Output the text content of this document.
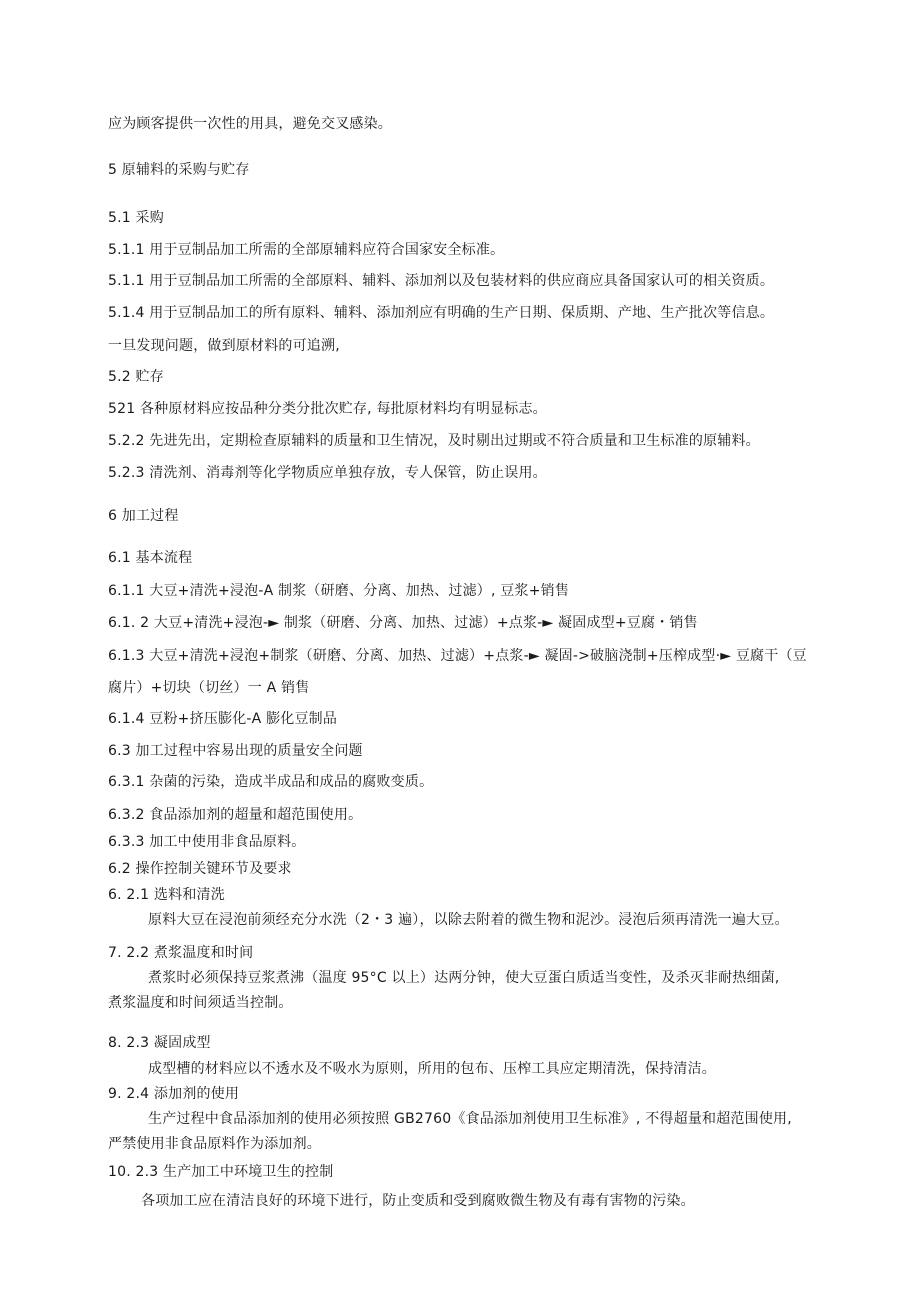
应为顾客提供一次性的用具，避免交叉感染。
5 原辅料的采购与贮存
5.1 采购
5.1.1 用于豆制品加工所需的全部原辅料应符合国家安全标准。
5.1.1 用于豆制品加工所需的全部原料、辅料、添加剂以及包装材料的供应商应具备国家认可的相关资质。
5.1.4 用于豆制品加工的所有原料、辅料、添加剂应有明确的生产日期、保质期、产地、生产批次等信息。
一旦发现问题，做到原材料的可追溯,
5.2 贮存
521 各种原材料应按品种分类分批次贮存, 每批原材料均有明显标志。
5.2.2 先进先出，定期检查原辅料的质量和卫生情况，及时剔出过期或不符合质量和卫生标准的原辅料。
5.2.3 清洗剂、消毒剂等化学物质应单独存放，专人保管，防止误用。
6 加工过程
6.1 基本流程
6.1.1 大豆+清洗+浸泡-A 制浆（研磨、分离、加热、过滤）, 豆浆+销售
6.1. 2 大豆+清洗+浸泡-► 制浆（研磨、分离、加热、过滤）+点浆-► 凝固成型+豆腐・销售
6.1.3 大豆+清洗+浸泡+制浆（研磨、分离、加热、过滤）+点浆-► 凝固->破脑浇制+压榨成型·► 豆腐干（豆
腐片）+切块（切丝）一 A 销售
6.1.4 豆粉+挤压膨化-A 膨化豆制品
6.3 加工过程中容易出现的质量安全问题
6.3.1 杂菌的污染，造成半成品和成品的腐败变质。
6.3.2 食品添加剂的超量和超范围使用。
6.3.3 加工中使用非食品原料。
6.2 操作控制关键环节及要求
6. 2.1 选料和清洗
原料大豆在浸泡前须经充分水洗（2・3 遍），以除去附着的微生物和泥沙。浸泡后须再清洗一遍大豆。
7. 2.2 煮浆温度和时间
煮浆时必须保持豆浆煮沸（温度 95°C 以上）达两分钟，使大豆蛋白质适当变性，及杀灭非耐热细菌,
煮浆温度和时间须适当控制。
8. 2.3 凝固成型
成型槽的材料应以不透水及不吸水为原则，所用的包布、压榨工具应定期清洗，保持清洁。
9. 2.4 添加剂的使用
生产过程中食品添加剂的使用必须按照 GB2760《食品添加剂使用卫生标准》, 不得超量和超范围使用,
严禁使用非食品原料作为添加剂。
10. 2.3 生产加工中环境卫生的控制
各项加工应在清洁良好的环境下进行，防止变质和受到腐败微生物及有毒有害物的污染。
